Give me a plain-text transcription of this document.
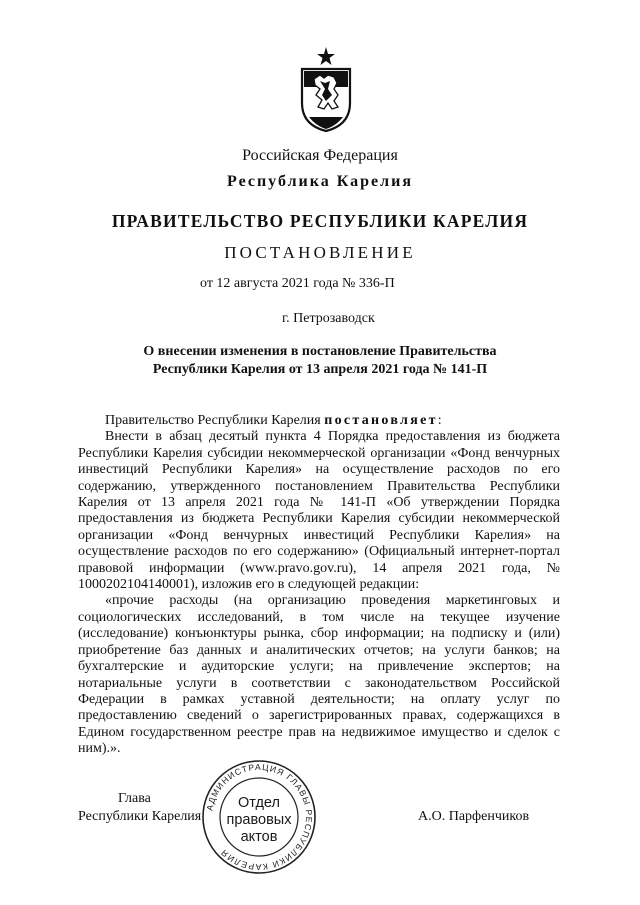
Российская Федерация
Республика Карелия
ПРАВИТЕЛЬСТВО РЕСПУБЛИКИ КАРЕЛИЯ
ПОСТАНОВЛЕНИЕ
от 12 августа 2021 года № 336-П
г. Петрозаводск
О внесении изменения в постановление Правительства
Республики Карелия от 13 апреля 2021 года № 141-П

Правительство Республики Карелия постановляет:

Внести в абзац десятый пункта 4 Порядка предоставления из бюджета Республики Карелия субсидии некоммерческой организации «Фонд венчурных инвестиций Республики Карелия» на осуществление расходов по его содержанию, утвержденного постановлением Правительства Республики Карелия от 13 апреля 2021 года № 141-П «Об утверждении Порядка предоставления из бюджета Республики Карелия субсидии некоммерческой организации «Фонд венчурных инвестиций Республики Карелия» на осуществление расходов по его содержанию» (Официальный интернет-портал правовой информации (www.pravo.gov.ru), 14 апреля 2021 года, № 1000202104140001), изложив его в следующей редакции:

«прочие расходы (на организацию проведения маркетинговых и социологических исследований, в том числе на текущее изучение (исследование) конъюнктуры рынка, сбор информации; на подписку и (или) приобретение баз данных и аналитических отчетов; на услуги банков; на бухгалтерские и аудиторские услуги; на привлечение экспертов; на нотариальные услуги в соответствии с законодательством Российской Федерации в рамках уставной деятельности; на оплату услуг по предоставлению сведений о зарегистрированных правах, содержащихся в Едином государственном реестре прав на недвижимое имущество и сделок с ним).».

Глава
Республики Карелия	А.О. Парфенчиков
АДМИНИСТРАЦИЯ ГЛАВЫ РЕСПУБЛИКИ КАРЕЛИЯ
Отдел
правовых
актов
